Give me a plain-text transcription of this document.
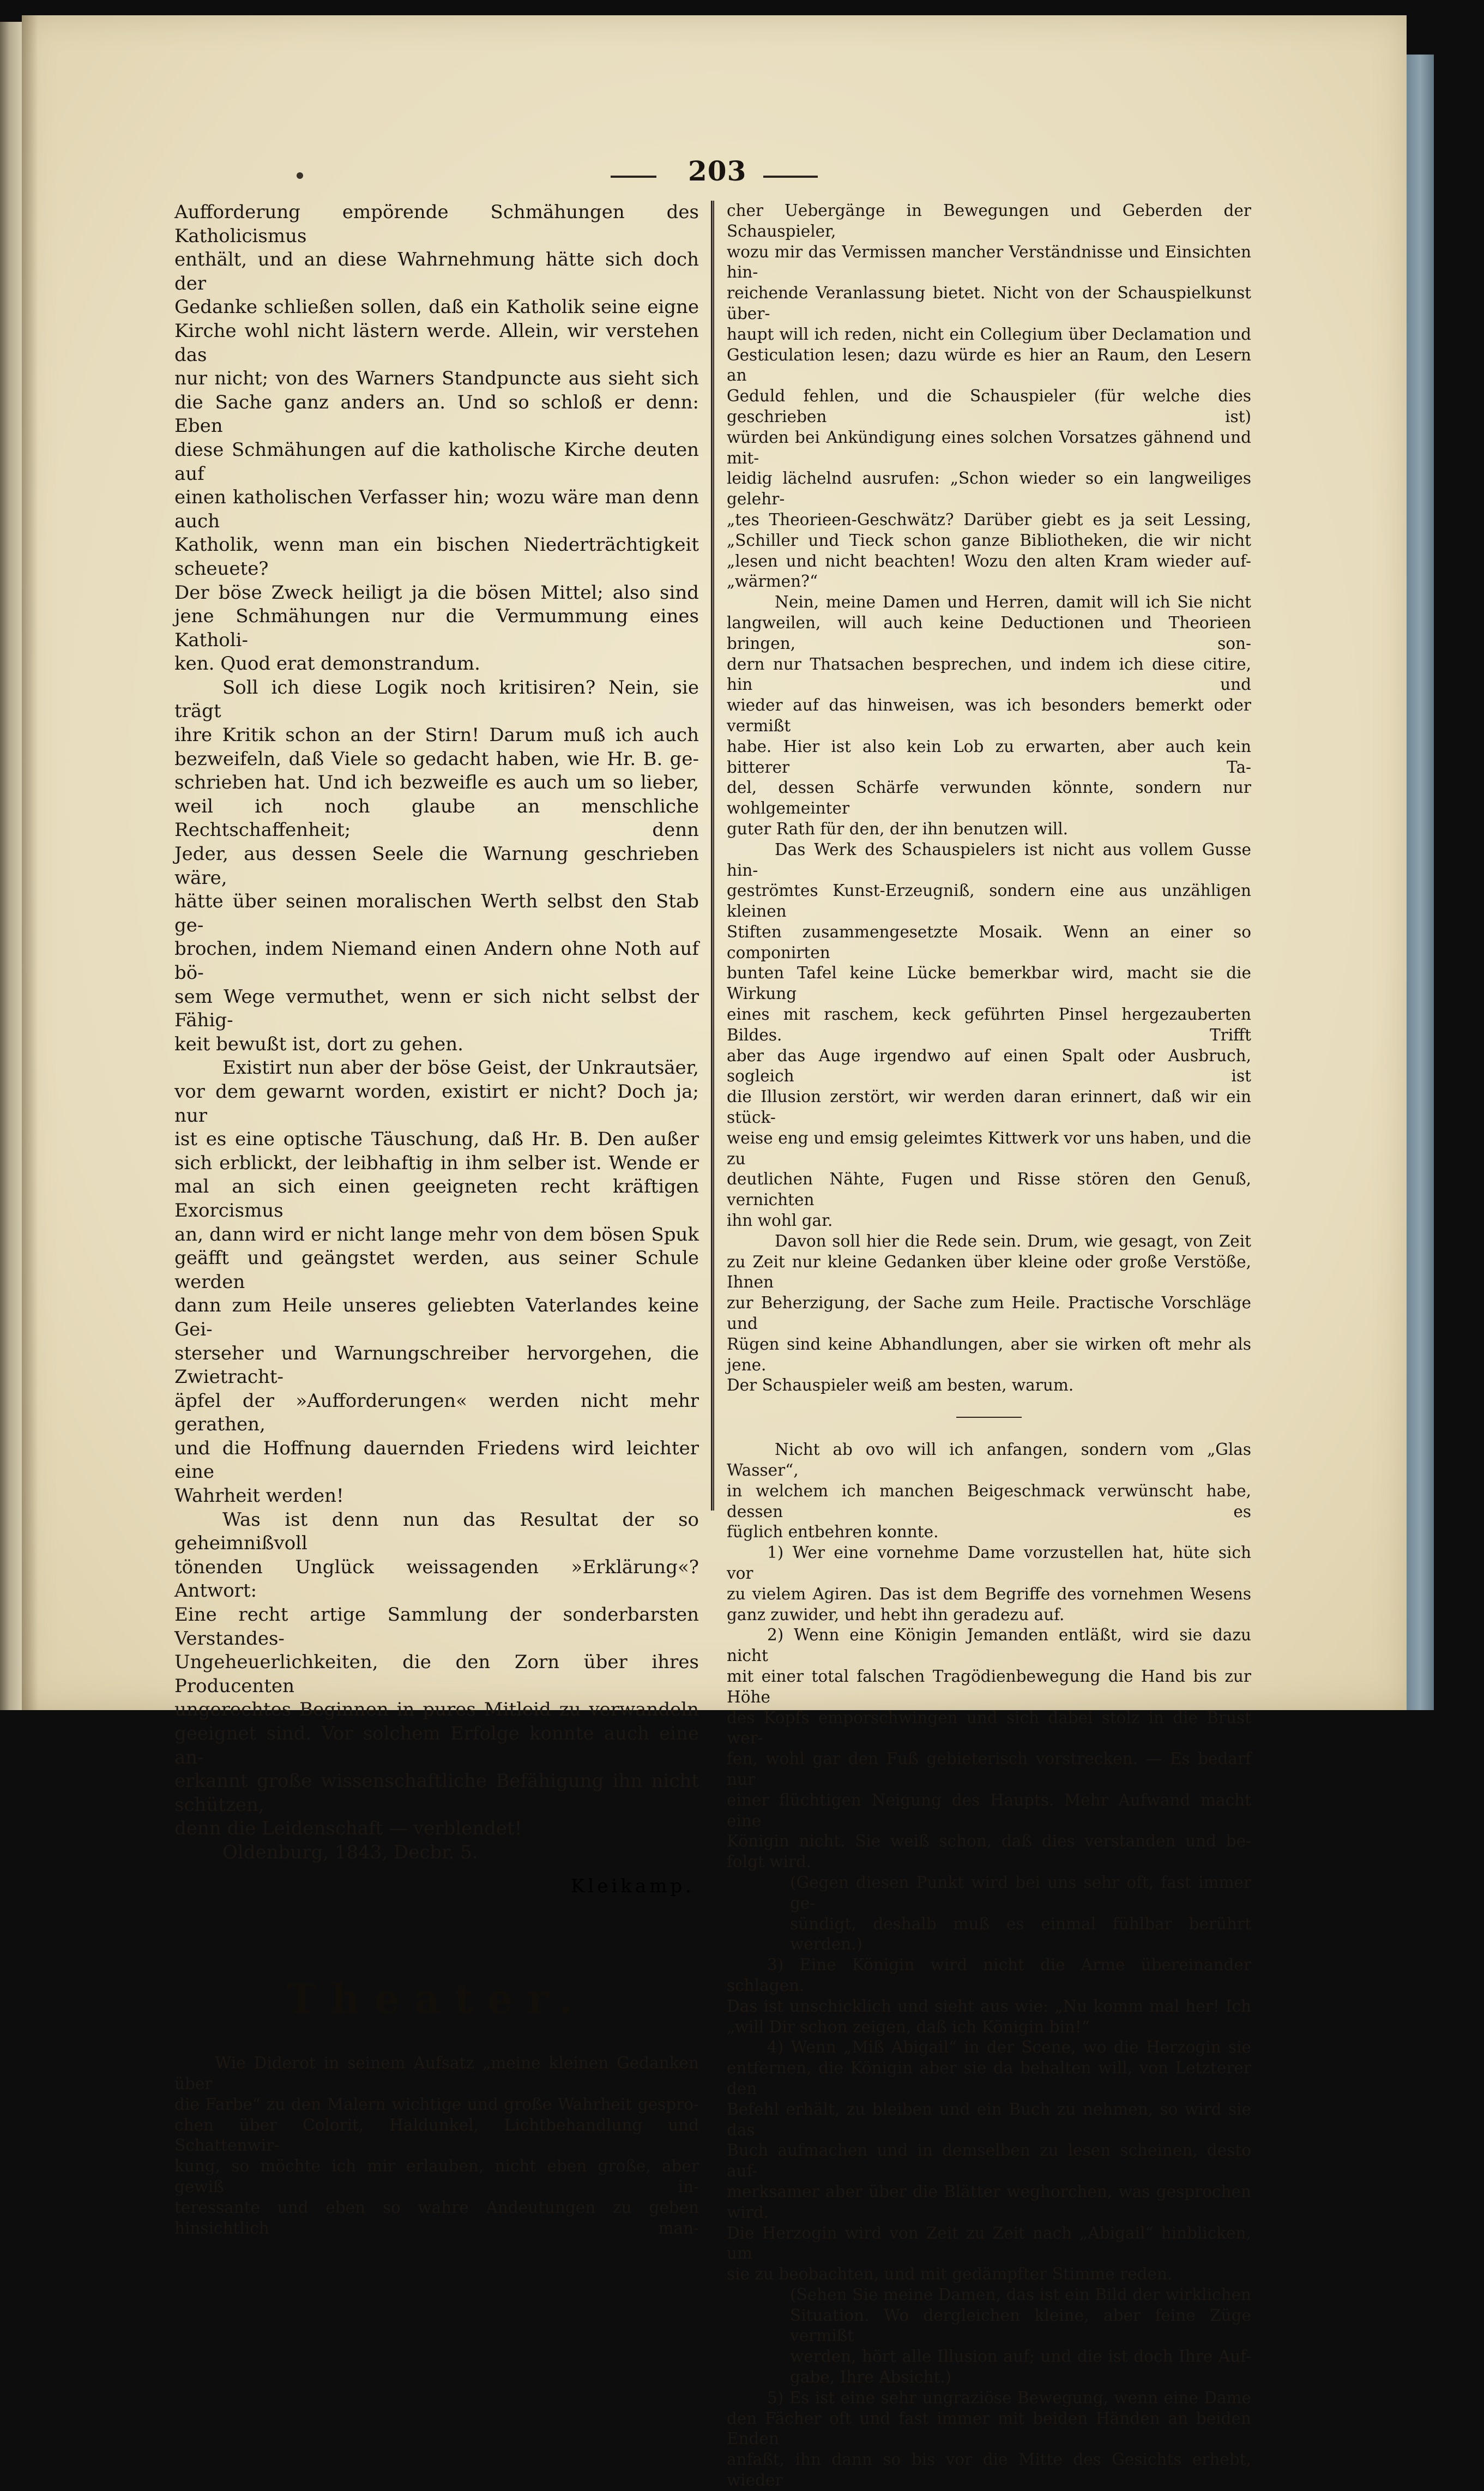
203
Aufforderung empörende Schmähungen des Katholicismus
enthält, und an diese Wahrnehmung hätte sich doch der
Gedanke schließen sollen, daß ein Katholik seine eigne
Kirche wohl nicht lästern werde. Allein, wir verstehen das
nur nicht; von des Warners Standpuncte aus sieht sich
die Sache ganz anders an. Und so schloß er denn: Eben
diese Schmähungen auf die katholische Kirche deuten auf
einen katholischen Verfasser hin; wozu wäre man denn auch
Katholik, wenn man ein bischen Niederträchtigkeit scheuete?
Der böse Zweck heiligt ja die bösen Mittel; also sind
jene Schmähungen nur die Vermummung eines Katholi-
ken. Quod erat demonstrandum.
Soll ich diese Logik noch kritisiren? Nein, sie trägt
ihre Kritik schon an der Stirn! Darum muß ich auch
bezweifeln, daß Viele so gedacht haben, wie Hr. B. ge-
schrieben hat. Und ich bezweifle es auch um so lieber,
weil ich noch glaube an menschliche Rechtschaffenheit; denn
Jeder, aus dessen Seele die Warnung geschrieben wäre,
hätte über seinen moralischen Werth selbst den Stab ge-
brochen, indem Niemand einen Andern ohne Noth auf bö-
sem Wege vermuthet, wenn er sich nicht selbst der Fähig-
keit bewußt ist, dort zu gehen.
Existirt nun aber der böse Geist, der Unkrautsäer,
vor dem gewarnt worden, existirt er nicht? Doch ja; nur
ist es eine optische Täuschung, daß Hr. B. Den außer
sich erblickt, der leibhaftig in ihm selber ist. Wende er
mal an sich einen geeigneten recht kräftigen Exorcismus
an, dann wird er nicht lange mehr von dem bösen Spuk
geäfft und geängstet werden, aus seiner Schule werden
dann zum Heile unseres geliebten Vaterlandes keine Gei-
sterseher und Warnungschreiber hervorgehen, die Zwietracht-
äpfel der »Aufforderungen« werden nicht mehr gerathen,
und die Hoffnung dauernden Friedens wird leichter eine
Wahrheit werden!
Was ist denn nun das Resultat der so geheimnißvoll
tönenden Unglück weissagenden »Erklärung«? Antwort:
Eine recht artige Sammlung der sonderbarsten Verstandes-
Ungeheuerlichkeiten, die den Zorn über ihres Producenten
ungerechtes Beginnen in pures Mitleid zu verwandeln
geeignet sind. Vor solchem Erfolge konnte auch eine an-
erkannt große wissenschaftliche Befähigung ihn nicht schützen,
denn die Leidenschaft — verblendet!
Oldenburg, 1843, Decbr. 5.
Kleikamp.
Theater.
Wie Diderot in seinem Aufsatz „meine kleinen Gedanken über
die Farbe“ zu den Malern wichtige und große Wahrheit gespro-
chen über Colorit, Haldunkel, Lichtbehandlung und Schattenwir-
kung, so möchte ich mir erlauben, nicht eben große, aber gewiß in-
teressante und eben so wahre Andeutungen zu geben hinsichtlich man-
cher Uebergänge in Bewegungen und Geberden der Schauspieler,
wozu mir das Vermissen mancher Verständnisse und Einsichten hin-
reichende Veranlassung bietet. Nicht von der Schauspielkunst über-
haupt will ich reden, nicht ein Collegium über Declamation und
Gesticulation lesen; dazu würde es hier an Raum, den Lesern an
Geduld fehlen, und die Schauspieler (für welche dies geschrieben ist)
würden bei Ankündigung eines solchen Vorsatzes gähnend und mit-
leidig lächelnd ausrufen: „Schon wieder so ein langweiliges gelehr-
„tes Theorieen-Geschwätz? Darüber giebt es ja seit Lessing,
„Schiller und Tieck schon ganze Bibliotheken, die wir nicht
„lesen und nicht beachten! Wozu den alten Kram wieder auf-
„wärmen?“
Nein, meine Damen und Herren, damit will ich Sie nicht
langweilen, will auch keine Deductionen und Theorieen bringen, son-
dern nur Thatsachen besprechen, und indem ich diese citire, hin und
wieder auf das hinweisen, was ich besonders bemerkt oder vermißt
habe. Hier ist also kein Lob zu erwarten, aber auch kein bitterer Ta-
del, dessen Schärfe verwunden könnte, sondern nur wohlgemeinter
guter Rath für den, der ihn benutzen will.
Das Werk des Schauspielers ist nicht aus vollem Gusse hin-
geströmtes Kunst-Erzeugniß, sondern eine aus unzähligen kleinen
Stiften zusammengesetzte Mosaik. Wenn an einer so componirten
bunten Tafel keine Lücke bemerkbar wird, macht sie die Wirkung
eines mit raschem, keck geführten Pinsel hergezauberten Bildes. Trifft
aber das Auge irgendwo auf einen Spalt oder Ausbruch, sogleich ist
die Illusion zerstört, wir werden daran erinnert, daß wir ein stück-
weise eng und emsig geleimtes Kittwerk vor uns haben, und die zu
deutlichen Nähte, Fugen und Risse stören den Genuß, vernichten
ihn wohl gar.
Davon soll hier die Rede sein. Drum, wie gesagt, von Zeit
zu Zeit nur kleine Gedanken über kleine oder große Verstöße, Ihnen
zur Beherzigung, der Sache zum Heile. Practische Vorschläge und
Rügen sind keine Abhandlungen, aber sie wirken oft mehr als jene.
Der Schauspieler weiß am besten, warum.
Nicht ab ovo will ich anfangen, sondern vom „Glas Wasser“,
in welchem ich manchen Beigeschmack verwünscht habe, dessen es
füglich entbehren konnte.
1) Wer eine vornehme Dame vorzustellen hat, hüte sich vor
zu vielem Agiren. Das ist dem Begriffe des vornehmen Wesens
ganz zuwider, und hebt ihn geradezu auf.
2) Wenn eine Königin Jemanden entläßt, wird sie dazu nicht
mit einer total falschen Tragödienbewegung die Hand bis zur Höhe
des Kopfs emporschwingen und sich dabei stolz in die Brust wer-
fen, wohl gar den Fuß gebieterisch vorstrecken. — Es bedarf nur
einer flüchtigen Neigung des Haupts. Mehr Aufwand macht eine
Königin nicht. Sie weiß schon, daß dies verstanden und be-
folgt wird.
(Gegen diesen Punkt wird bei uns sehr oft, fast immer ge-
sündigt, deshalb muß es einmal fühlbar berührt werden.)
3) Eine Königin wird nicht die Arme übereinander schlagen.
Das ist unschicklich und sieht aus wie: „Nu komm mal her! Ich
„will Dir schon zeigen, daß ich Königin bin!“
4) Wenn „Miß Abigail“ in der Scene, wo die Herzogin sie
entfernen, die Königin aber sie da behalten will, von Letzterer den
Befehl erhält, zu bleiben und ein Buch zu nehmen, so wird sie das
Buch aufmachen und in demselben zu lesen scheinen, desto auf-
merksamer aber über die Blätter weghorchen, was gesprochen wird.
Die Herzogin wird von Zeit zu Zeit nach „Abigail“ hinblicken, um
sie zu beobachten, und mit gedämpfter Stimme reden.
(Sehen Sie meine Damen, das ist ein Bild der wirklichen
Situation. Wo dergleichen kleine, aber feine Züge vermißt
werden, hört alle Illusion auf; und die ist doch Ihre Auf-
gabe, Ihre Absicht.)
5) Es ist eine sehr ungraziöse Bewegung, wenn eine Dame
den Fächer oft und fast immer mit beiden Händen an beiden Enden
anfaßt, ihn dann so bis vor die Mitte des Gesichts erhebt, wieder
